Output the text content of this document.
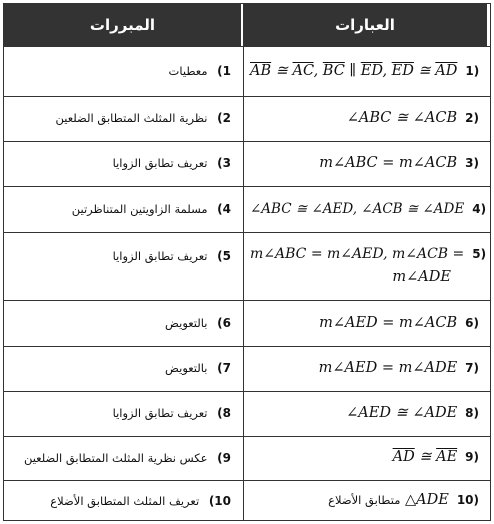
المبررات	العبارات
1) معطيات	$\overline{AB}$ ≅ $\overline{AC}$, $\overline{BC}$ ∥ $\overline{ED}$, $\overline{ED}$ ≅ $\overline{AD}$ 1)
2) نظرية المثلث المتطابق الضلعين	∠ABC ≅ ∠ACB 2)
3) تعريف تطابق الزوايا	m∠ABC = m∠ACB 3)
4) مسلمة الزاويتين المتناظرتين	∠ABC ≅ ∠AED, ∠ACB ≅ ∠ADE 4)
5) تعريف تطابق الزوايا	m∠ABC = m∠AED, m∠ACB = 5)
m∠ADE
6) بالتعويض	m∠AED = m∠ACB 6)
7) بالتعويض	m∠AED = m∠ADE 7)
8) تعريف تطابق الزوايا	∠AED ≅ ∠ADE 8)
9) عكس نظرية المثلث المتطابق الضلعين	$\overline{AD}$ ≅ $\overline{AE}$ 9)
10) تعريف المثلث المتطابق الأضلاع	متطابق الأضلاع △ADE 10)
